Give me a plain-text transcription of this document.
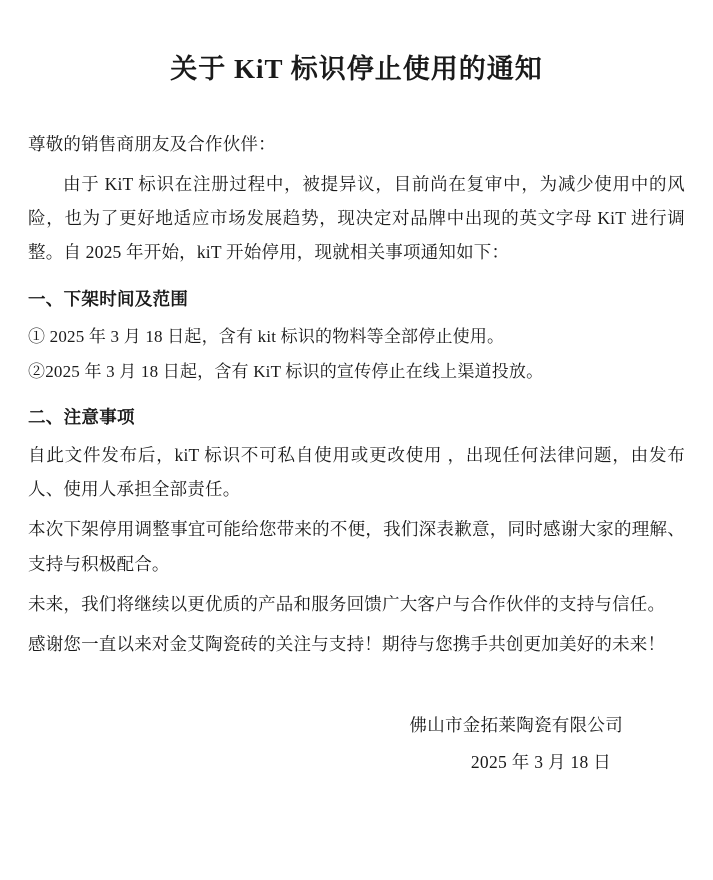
关于 KiT 标识停止使用的通知

尊敬的销售商朋友及合作伙伴：

由于 KiT 标识在注册过程中，被提异议，目前尚在复审中，为减少使用中的风险，也为了更好地适应市场发展趋势，现决定对品牌中出现的英文字母 KiT 进行调整。自 2025 年开始，kiT 开始停用，现就相关事项通知如下：

一、下架时间及范围
① 2025 年 3 月 18 日起，含有 kit 标识的物料等全部停止使用。
②2025 年 3 月 18 日起，含有 KiT 标识的宣传停止在线上渠道投放。
二、注意事项

自此文件发布后，kiT 标识不可私自使用或更改使用 ，出现任何法律问题，由发布人、使用人承担全部责任。

本次下架停用调整事宜可能给您带来的不便，我们深表歉意，同时感谢大家的理解、支持与积极配合。

未来，我们将继续以更优质的产品和服务回馈广大客户与合作伙伴的支持与信任。

感谢您一直以来对金艾陶瓷砖的关注与支持！期待与您携手共创更加美好的未来！

佛山市金拓莱陶瓷有限公司
2025 年 3 月 18 日
